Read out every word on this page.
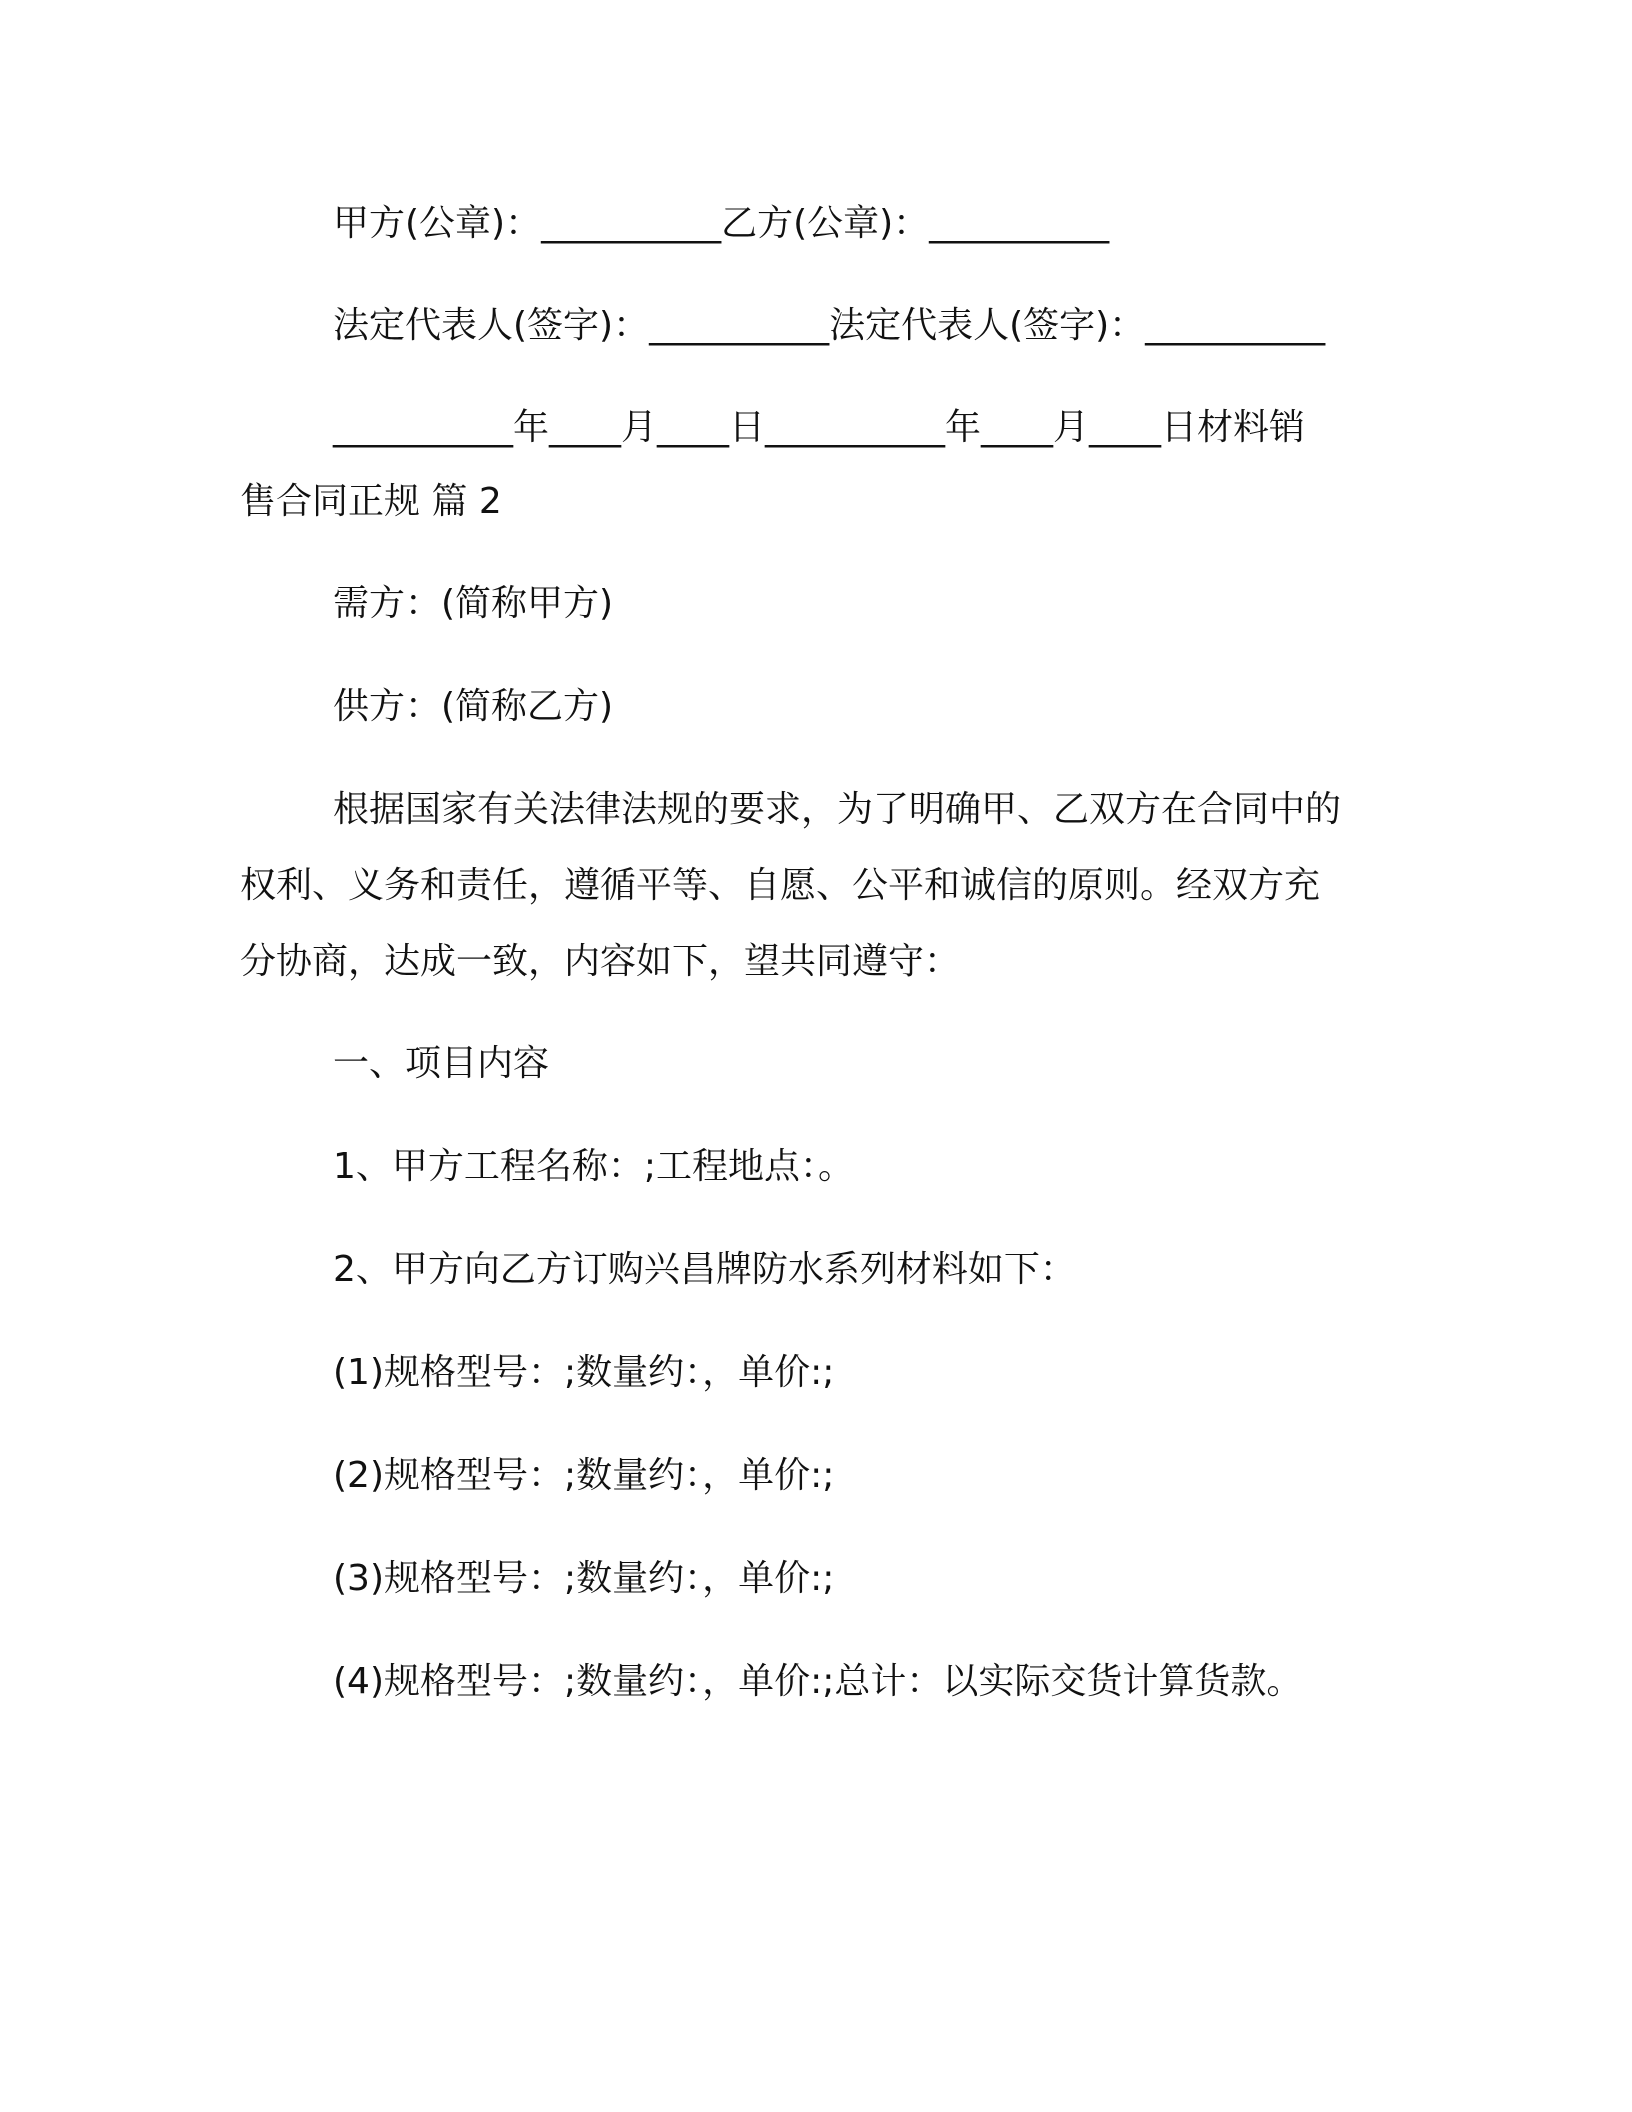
甲方(公章)：__________乙方(公章)：__________
法定代表人(签字)：__________法定代表人(签字)：__________
__________年____月____日__________年____月____日材料销
售合同正规 篇 2
需方：(简称甲方)
供方：(简称乙方)
根据国家有关法律法规的要求，为了明确甲、乙双方在合同中的
权利、义务和责任，遵循平等、自愿、公平和诚信的原则。经双方充
分协商，达成一致，内容如下，望共同遵守：
一、项目内容
1、甲方工程名称：;工程地点：。
2、甲方向乙方订购兴昌牌防水系列材料如下：
(1)规格型号：;数量约：，单价:;
(2)规格型号：;数量约：，单价:;
(3)规格型号：;数量约：，单价:;
(4)规格型号：;数量约：，单价:;总计：以实际交货计算货款。
